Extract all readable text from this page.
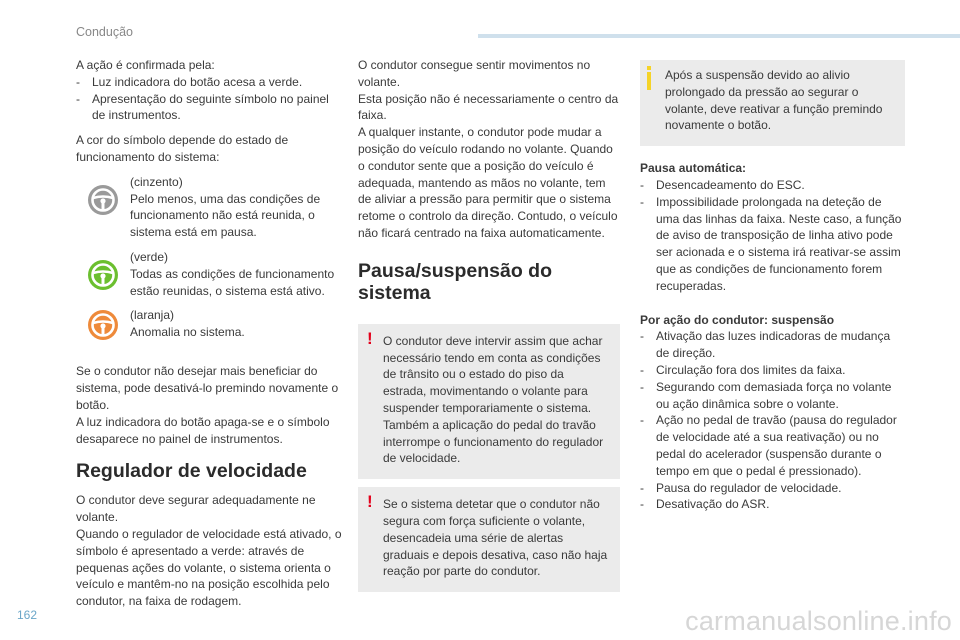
Condução

A ação é confirmada pela:

- Luz indicadora do botão acesa a verde.
- Apresentação do seguinte símbolo no painel de instrumentos.

A cor do símbolo depende do estado de funcionamento do sistema:

(cinzento)

Pelo menos, uma das condições de funcionamento não está reunida, o sistema está em pausa.

(verde)

Todas as condições de funcionamento estão reunidas, o sistema está ativo.

(laranja)

Anomalia no sistema.

Se o condutor não desejar mais beneficiar do sistema, pode desativá-lo premindo novamente o botão.

A luz indicadora do botão apaga-se e o símbolo desaparece no painel de instrumentos.

Regulador de velocidade

O condutor deve segurar adequadamente ne volante.

Quando o regulador de velocidade está ativado, o símbolo é apresentado a verde: através de pequenas ações do volante, o sistema orienta o veículo e mantêm-no na posição escolhida pelo condutor, na faixa de rodagem.

O condutor consegue sentir movimentos no volante.

Esta posição não é necessariamente o centro da faixa.

A qualquer instante, o condutor pode mudar a posição do veículo rodando no volante. Quando o condutor sente que a posição do veículo é adequada, mantendo as mãos no volante, tem de aliviar a pressão para permitir que o sistema retome o controlo da direção. Contudo, o veículo não ficará centrado na faixa automaticamente.

Pausa/suspensão do sistema
! O condutor deve intervir assim que achar necessário tendo em conta as condições de trânsito ou o estado do piso da estrada, movimentando o volante para suspender temporariamente o sistema. Também a aplicação do pedal do travão interrompe o funcionamento do regulador de velocidade.

! Se o sistema detetar que o condutor não segura com força suficiente o volante, desencadeia uma série de alertas graduais e depois desativa, caso não haja reação por parte do condutor.

Após a suspensão devido ao alivio prolongado da pressão ao segurar o volante, deve reativar a função premindo novamente o botão.

Pausa automática:

- Desencadeamento do ESC.
- Impossibilidade prolongada na deteção de uma das linhas da faixa. Neste caso, a função de aviso de transposição de linha ativo pode ser acionada e o sistema irá reativar-se assim que as condições de funcionamento forem recuperadas.

Por ação do condutor: suspensão

- Ativação das luzes indicadoras de mudança de direção.
- Circulação fora dos limites da faixa.
- Segurando com demasiada força no volante ou ação dinâmica sobre o volante.
- Ação no pedal de travão (pausa do regulador de velocidade até a sua reativação) ou no pedal do acelerador (suspensão durante o tempo em que o pedal é pressionado).
- Pausa do regulador de velocidade.
- Desativação do ASR.
162	carmanualsonline.info
